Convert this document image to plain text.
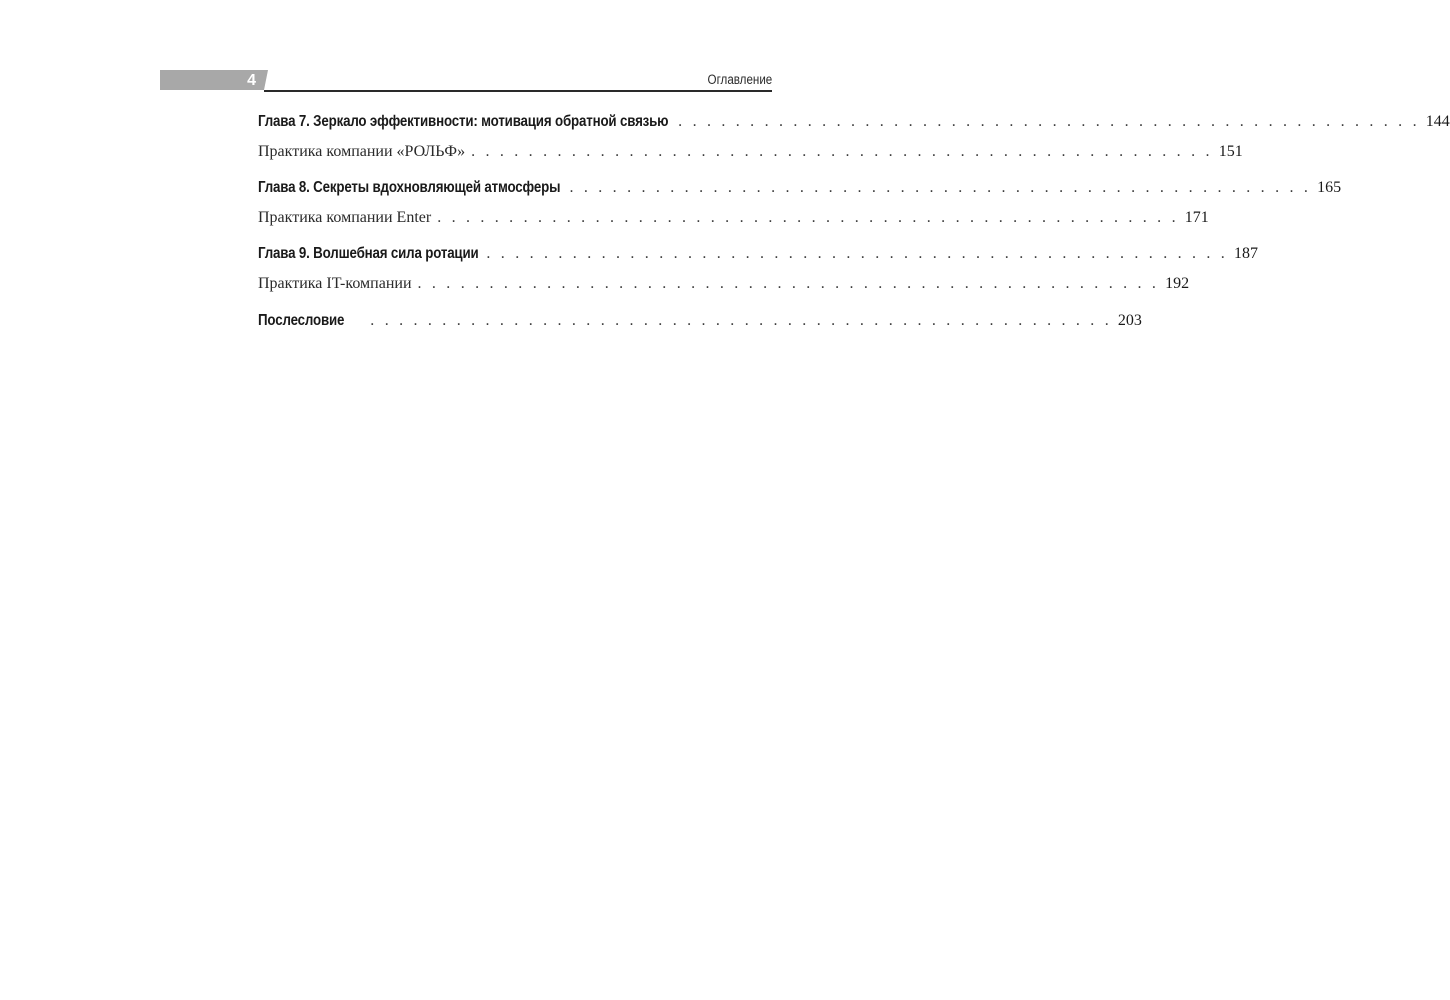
4	Оглавление
Глава 7. Зеркало эффективности: мотивация обратной связью . . . . . . . . . . . . . . . . . . . . . . . . . . . . . . . . . . . . . . . . . . . . . . . . . . . . 144
Практика компании «РОЛЬФ» . . . . . . . . . . . . . . . . . . . . . . . . . . . . . . . . . . . . . . . . . . . . . . . . . . . . 151
Глава 8. Секреты вдохновляющей атмосферы . . . . . . . . . . . . . . . . . . . . . . . . . . . . . . . . . . . . . . . . . . . . . . . . . . . . 165
Практика компании Enter . . . . . . . . . . . . . . . . . . . . . . . . . . . . . . . . . . . . . . . . . . . . . . . . . . . . 171
Глава 9. Волшебная сила ротации . . . . . . . . . . . . . . . . . . . . . . . . . . . . . . . . . . . . . . . . . . . . . . . . . . . . 187
Практика IT-компании . . . . . . . . . . . . . . . . . . . . . . . . . . . . . . . . . . . . . . . . . . . . . . . . . . . . 192
Послесловие . . . . . . . . . . . . . . . . . . . . . . . . . . . . . . . . . . . . . . . . . . . . . . . . . . . . 203
